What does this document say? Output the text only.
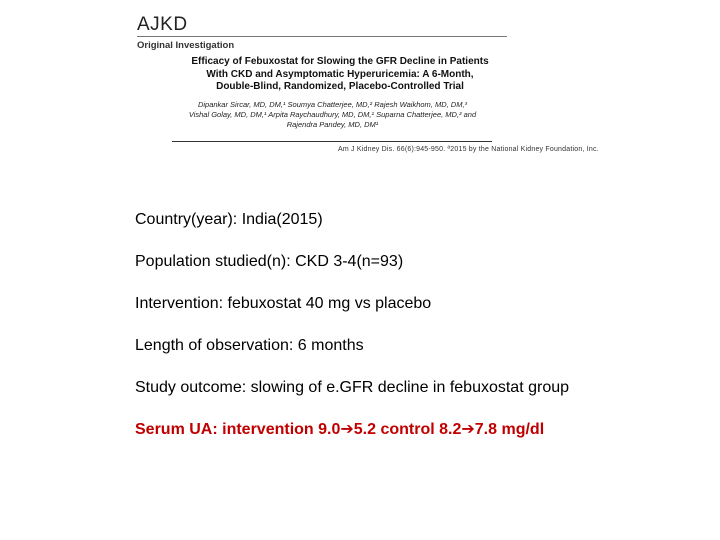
AJKD
Original Investigation
Efficacy of Febuxostat for Slowing the GFR Decline in Patients
With CKD and Asymptomatic Hyperuricemia: A 6-Month,
Double-Blind, Randomized, Placebo-Controlled Trial
Dipankar Sircar, MD, DM,¹ Soumya Chatterjee, MD,² Rajesh Waikhom, MD, DM,³
Vishal Golay, MD, DM,¹ Arpita Raychaudhury, MD, DM,¹ Suparna Chatterjee, MD,² and
Rajendra Pandey, MD, DM¹
Am J Kidney Dis. 66(6):945-950. ª2015 by the National Kidney Foundation, Inc.

Country(year): India(2015)

Population studied(n): CKD 3-4(n=93)

Intervention: febuxostat 40 mg vs placebo

Length of observation: 6 months

Study outcome: slowing of e.GFR decline in febuxostat group

Serum UA: intervention 9.0➔5.2 control 8.2➔7.8 mg/dl
